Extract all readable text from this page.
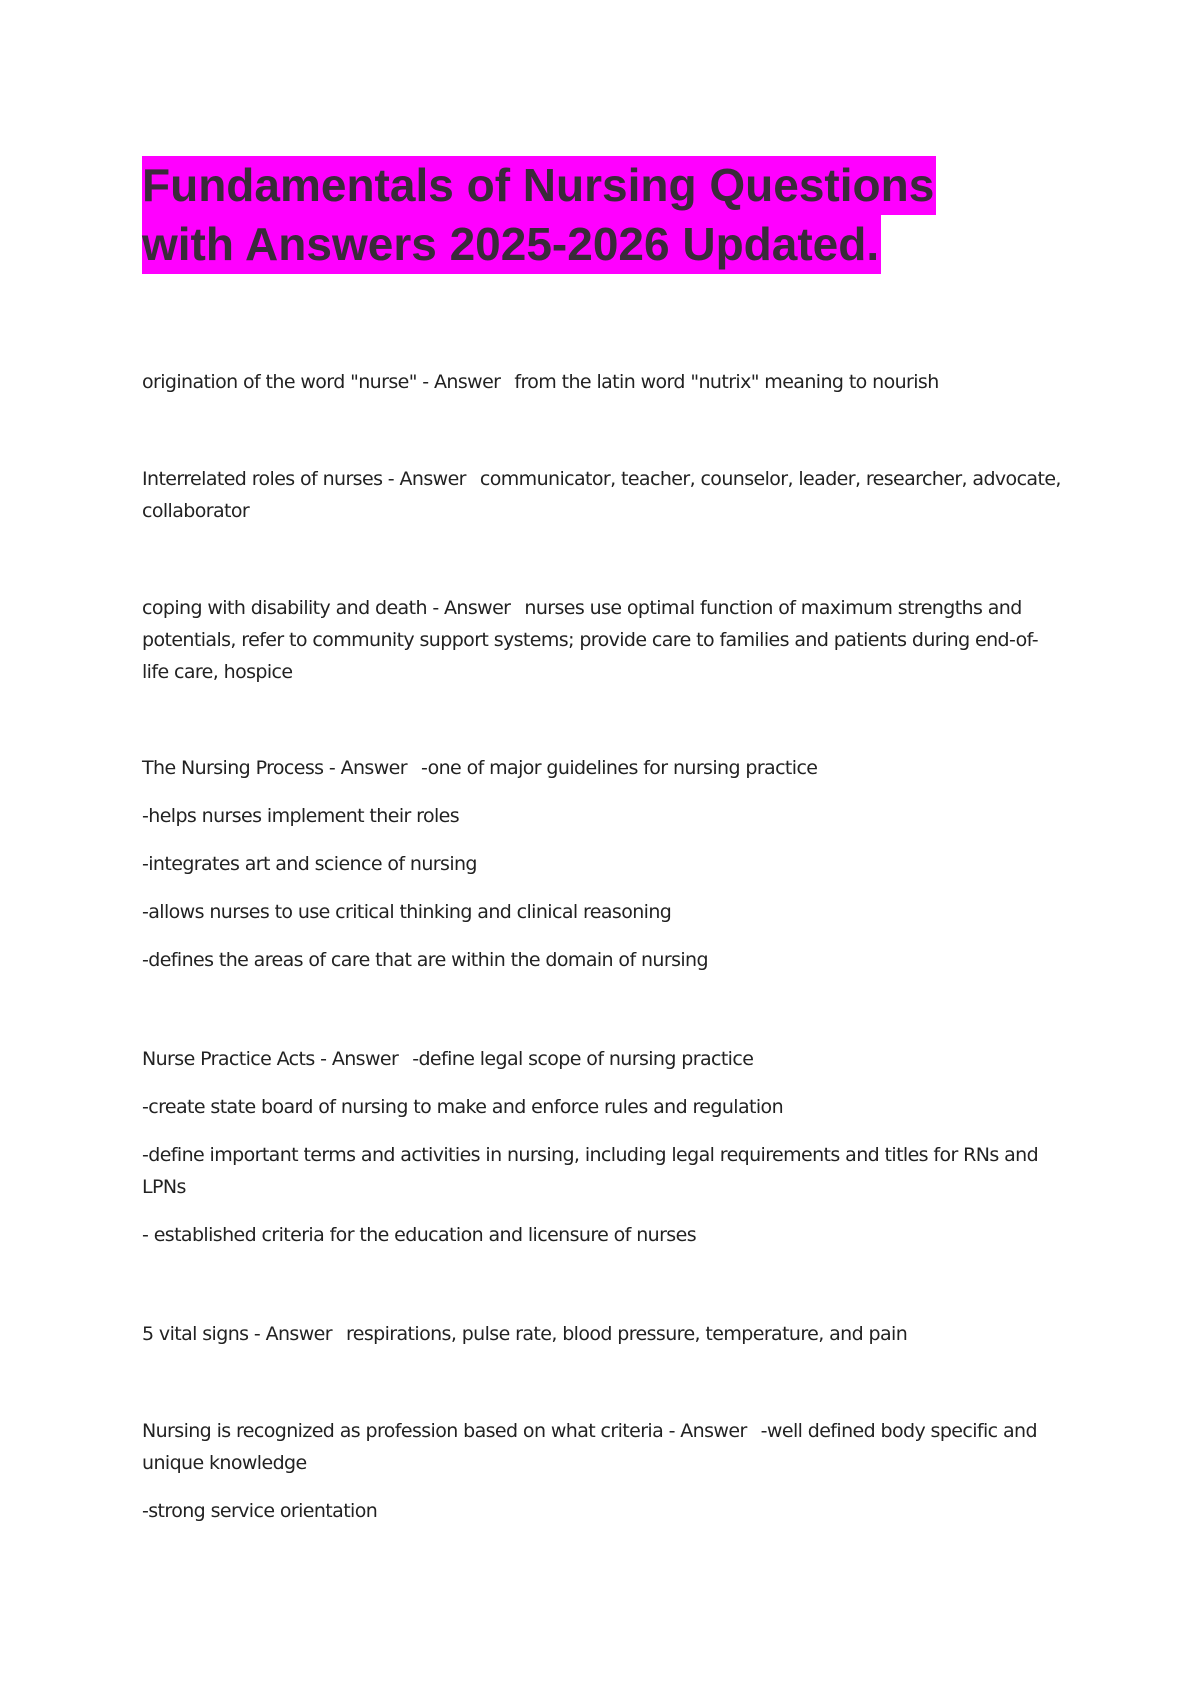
Fundamentals of Nursing Questions
with Answers 2025-2026 Updated.

origination of the word "nurse" - Answer from the latin word "nutrix" meaning to nourish

Interrelated roles of nurses - Answer communicator, teacher, counselor, leader, researcher, advocate, collaborator

coping with disability and death - Answer nurses use optimal function of maximum strengths and potentials, refer to community support systems; provide care to families and patients during end-of-life care, hospice

The Nursing Process - Answer -one of major guidelines for nursing practice

-helps nurses implement their roles

-integrates art and science of nursing

-allows nurses to use critical thinking and clinical reasoning

-defines the areas of care that are within the domain of nursing

Nurse Practice Acts - Answer -define legal scope of nursing practice

-create state board of nursing to make and enforce rules and regulation

-define important terms and activities in nursing, including legal requirements and titles for RNs and LPNs

- established criteria for the education and licensure of nurses

5 vital signs - Answer respirations, pulse rate, blood pressure, temperature, and pain

Nursing is recognized as profession based on what criteria - Answer -well defined body specific and unique knowledge

-strong service orientation
